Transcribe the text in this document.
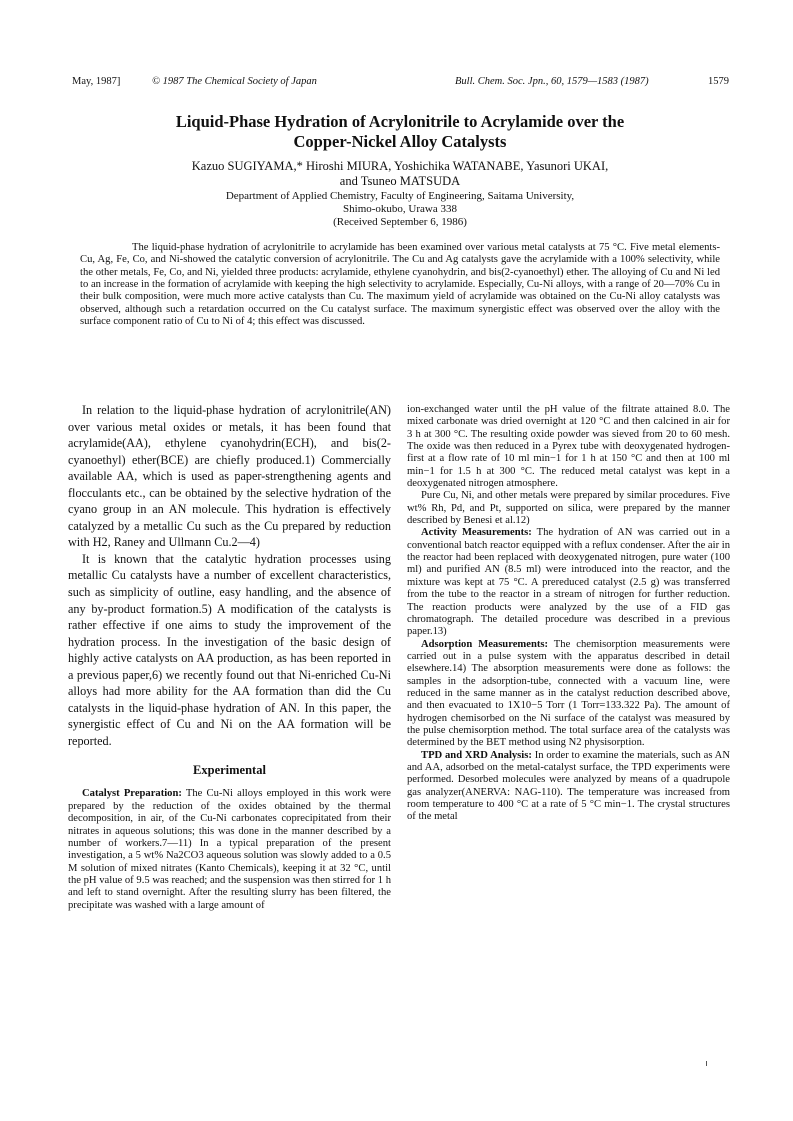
May, 1987]	© 1987 The Chemical Society of Japan	Bull. Chem. Soc. Jpn., 60, 1579—1583 (1987)	1579
Liquid-Phase Hydration of Acrylonitrile to Acrylamide over the
Copper-Nickel Alloy Catalysts
Kazuo SUGIYAMA,* Hiroshi MIURA, Yoshichika WATANABE, Yasunori UKAI,
and Tsuneo MATSUDA
Department of Applied Chemistry, Faculty of Engineering, Saitama University,
Shimo-okubo, Urawa 338
(Received September 6, 1986)
The liquid-phase hydration of acrylonitrile to acrylamide has been examined over various metal catalysts at 75 °C. Five metal elements-Cu, Ag, Fe, Co, and Ni-showed the catalytic conversion of acrylonitrile. The Cu and Ag catalysts gave the acrylamide with a 100% selectivity, while the other metals, Fe, Co, and Ni, yielded three products: acrylamide, ethylene cyanohydrin, and bis(2-cyanoethyl) ether. The alloying of Cu and Ni led to an increase in the formation of acrylamide with keeping the high selectivity to acrylamide. Especially, Cu-Ni alloys, with a range of 20—70% Cu in their bulk composition, were much more active catalysts than Cu. The maximum yield of acrylamide was obtained on the Cu-Ni alloy catalysts was observed, although such a retardation occurred on the Cu catalyst surface. The maximum synergistic effect was observed over the alloy with the surface component ratio of Cu to Ni of 4; this effect was discussed.

In relation to the liquid-phase hydration of acrylonitrile(AN) over various metal oxides or metals, it has been found that acrylamide(AA), ethylene cyanohydrin(ECH), and bis(2-cyanoethyl) ether(BCE) are chiefly produced.1) Commercially available AA, which is used as paper-strengthening agents and flocculants etc., can be obtained by the selective hydration of the cyano group in an AN molecule. This hydration is effectively catalyzed by a metallic Cu such as the Cu prepared by reduction with H2, Raney and Ullmann Cu.2—4)

It is known that the catalytic hydration processes using metallic Cu catalysts have a number of excellent characteristics, such as simplicity of outline, easy handling, and the absence of any by-product formation.5) A modification of the catalysts is rather effective if one aims to study the improvement of the hydration process. In the investigation of the basic design of highly active catalysts on AA production, as has been reported in a previous paper,6) we recently found out that Ni-enriched Cu-Ni alloys had more ability for the AA formation than did the Cu catalysts in the liquid-phase hydration of AN. In this paper, the synergistic effect of Cu and Ni on the AA formation will be reported.

Experimental

Catalyst Preparation: The Cu-Ni alloys employed in this work were prepared by the reduction of the oxides obtained by the thermal decomposition, in air, of the Cu-Ni carbonates coprecipitated from their nitrates in aqueous solutions; this was done in the manner described by a number of workers.7—11) In a typical preparation of the present investigation, a 5 wt% Na2CO3 aqueous solution was slowly added to a 0.5 M solution of mixed nitrates (Kanto Chemicals), keeping it at 32 °C, until the pH value of 9.5 was reached; and the suspension was then stirred for 1 h and left to stand overnight. After the resulting slurry has been filtered, the precipitate was washed with a large amount of

ion-exchanged water until the pH value of the filtrate attained 8.0. The mixed carbonate was dried overnight at 120 °C and then calcined in air for 3 h at 300 °C. The resulting oxide powder was sieved from 20 to 60 mesh. The oxide was then reduced in a Pyrex tube with deoxygenated hydrogen-first at a flow rate of 10 ml min−1 for 1 h at 150 °C and then at 100 ml min−1 for 1.5 h at 300 °C. The reduced metal catalyst was kept in a deoxygenated nitrogen atmosphere.

Pure Cu, Ni, and other metals were prepared by similar procedures. Five wt% Rh, Pd, and Pt, supported on silica, were prepared by the manner described by Benesi et al.12)

Activity Measurements: The hydration of AN was carried out in a conventional batch reactor equipped with a reflux condenser. After the air in the reactor had been replaced with deoxygenated nitrogen, pure water (100 ml) and purified AN (8.5 ml) were introduced into the reactor, and the mixture was kept at 75 °C. A prereduced catalyst (2.5 g) was transferred from the tube to the reactor in a stream of nitrogen for further reduction. The reaction products were analyzed by the use of a FID gas chromatograph. The detailed procedure was described in a previous paper.13)

Adsorption Measurements: The chemisorption measurements were carried out in a pulse system with the apparatus described in detail elsewhere.14) The absorption measurements were done as follows: the samples in the adsorption-tube, connected with a vacuum line, were reduced in the same manner as in the catalyst reduction described above, and then evacuated to 1X10−5 Torr (1 Torr=133.322 Pa). The amount of hydrogen chemisorbed on the Ni surface of the catalyst was measured by the pulse chemisorption method. The total surface area of the catalysts was determined by the BET method using N2 physisorption.

TPD and XRD Analysis: In order to examine the materials, such as AN and AA, adsorbed on the metal-catalyst surface, the TPD experiments were performed. Desorbed molecules were analyzed by means of a quadrupole gas analyzer(ANERVA: NAG-110). The temperature was increased from room temperature to 400 °C at a rate of 5 °C min−1. The crystal structures of the metal
